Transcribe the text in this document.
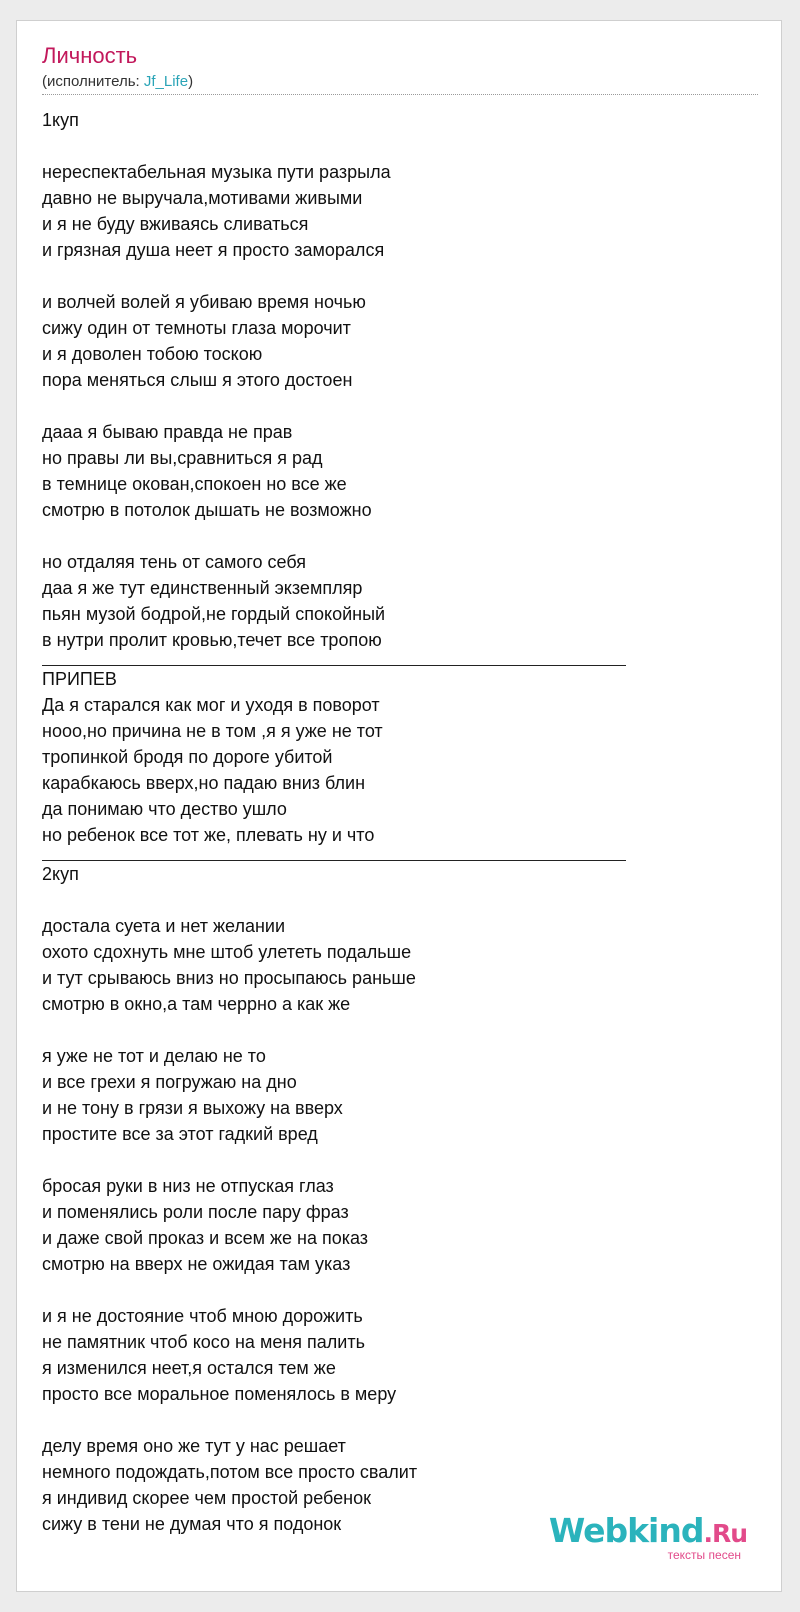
Личность
(исполнитель: Jf_Life)
1куп
нереспектабельная музыка пути разрыла
давно не выручала,мотивами живыми
и я не буду вживаясь сливаться
и грязная душа неет я просто заморался
и волчей волей я убиваю время ночью
сижу один от темноты глаза морочит
и я доволен тобою тоскою
пора меняться слыш я этого достоен
дааа я бываю правда не прав
но правы ли вы,сравниться я рад
в темнице окован,спокоен но все же
смотрю в потолок дышать не возможно
но отдаляя тень от самого себя
даа я же тут единственный экземпляр
пьян музой бодрой,не гордый спокойный
в нутри пролит кровью,течет все тропою
ПРИПЕВ
Да я старался как мог и уходя в поворот
нооо,но причина не в том ,я я уже не тот
тропинкой бродя по дороге убитой
карабкаюсь вверх,но падаю вниз блин
да понимаю что дество ушло
но ребенок все тот же, плевать ну и что
2куп
достала суета и нет желании
охото сдохнуть мне штоб улететь подальше
и тут срываюсь вниз но просыпаюсь раньше
смотрю в окно,а там черрно а как же
я уже не тот и делаю не то
и все грехи я погружаю на дно
и не тону в грязи я выхожу на вверх
простите все за этот гадкий вред
бросая руки в низ не отпуская глаз
и поменялись роли после пару фраз
и даже свой проказ и всем же на показ
смотрю на вверх не ожидая там указ
и я не достояние чтоб мною дорожить
не памятник чтоб косо на меня палить
я изменился неет,я остался тем же
просто все моральное поменялось в меру
делу время оно же тут у нас решает
немного подождать,потом все просто свалит
я индивид скорее чем простой ребенок
сижу в тени не думая что я подонок	Webkind.Ru
тексты песен
